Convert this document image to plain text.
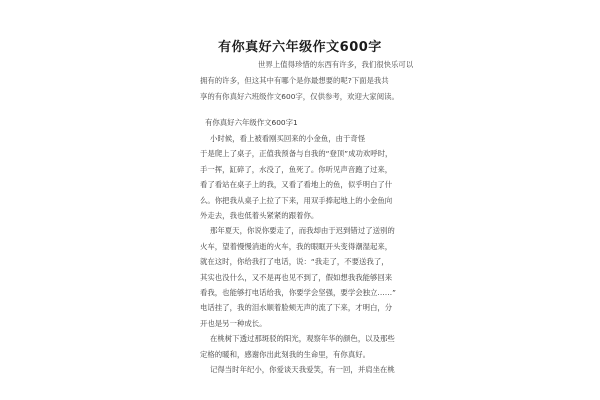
有你真好六年级作文600字

世界上值得珍惜的东西有许多，我们很快乐可以

拥有的许多，但这其中有哪个是你最想要的呢?下面是我共

享的有你真好六班级作文600字，仅供参考，欢迎大家阅读。

有你真好六年级作文600字1

小时候，看上被看刚买回来的小金鱼，由于奇怪

于是爬上了桌子，正值我预备与自我的“登顶”成功欢呼时，

手一挥，缸碎了，水没了，鱼死了。你听见声音跑了过来，

看了看站在桌子上的我，又看了看地上的鱼，似乎明白了什

么。你把我从桌子上拉了下来，用双手捧起地上的小金鱼向

外走去，我也低着头紧紧的跟着你。

那年夏天，你说你要走了，而我却由于迟到错过了送别的

火车，望着慢慢消逝的火车，我的眼眶开头变得潮湿起来，

就在这时，你给我打了电话，说：“我走了，不要送我了，

其实也没什么，又不是再也见不到了，假如想我我能够回来

看我，也能够打电话给我，你要学会坚强，要学会独立……”

电话挂了，我的泪水顺着脸颊无声的流了下来，才明白，分

开也是另一种成长。

在桃树下透过那斑驳的阳光，观察年华的颜色，以及那些

定格的暖和，感谢你出此刻我的生命里，有你真好。

记得当时年纪小，你爱谈天我爱笑，有一回，并肩坐在桃
